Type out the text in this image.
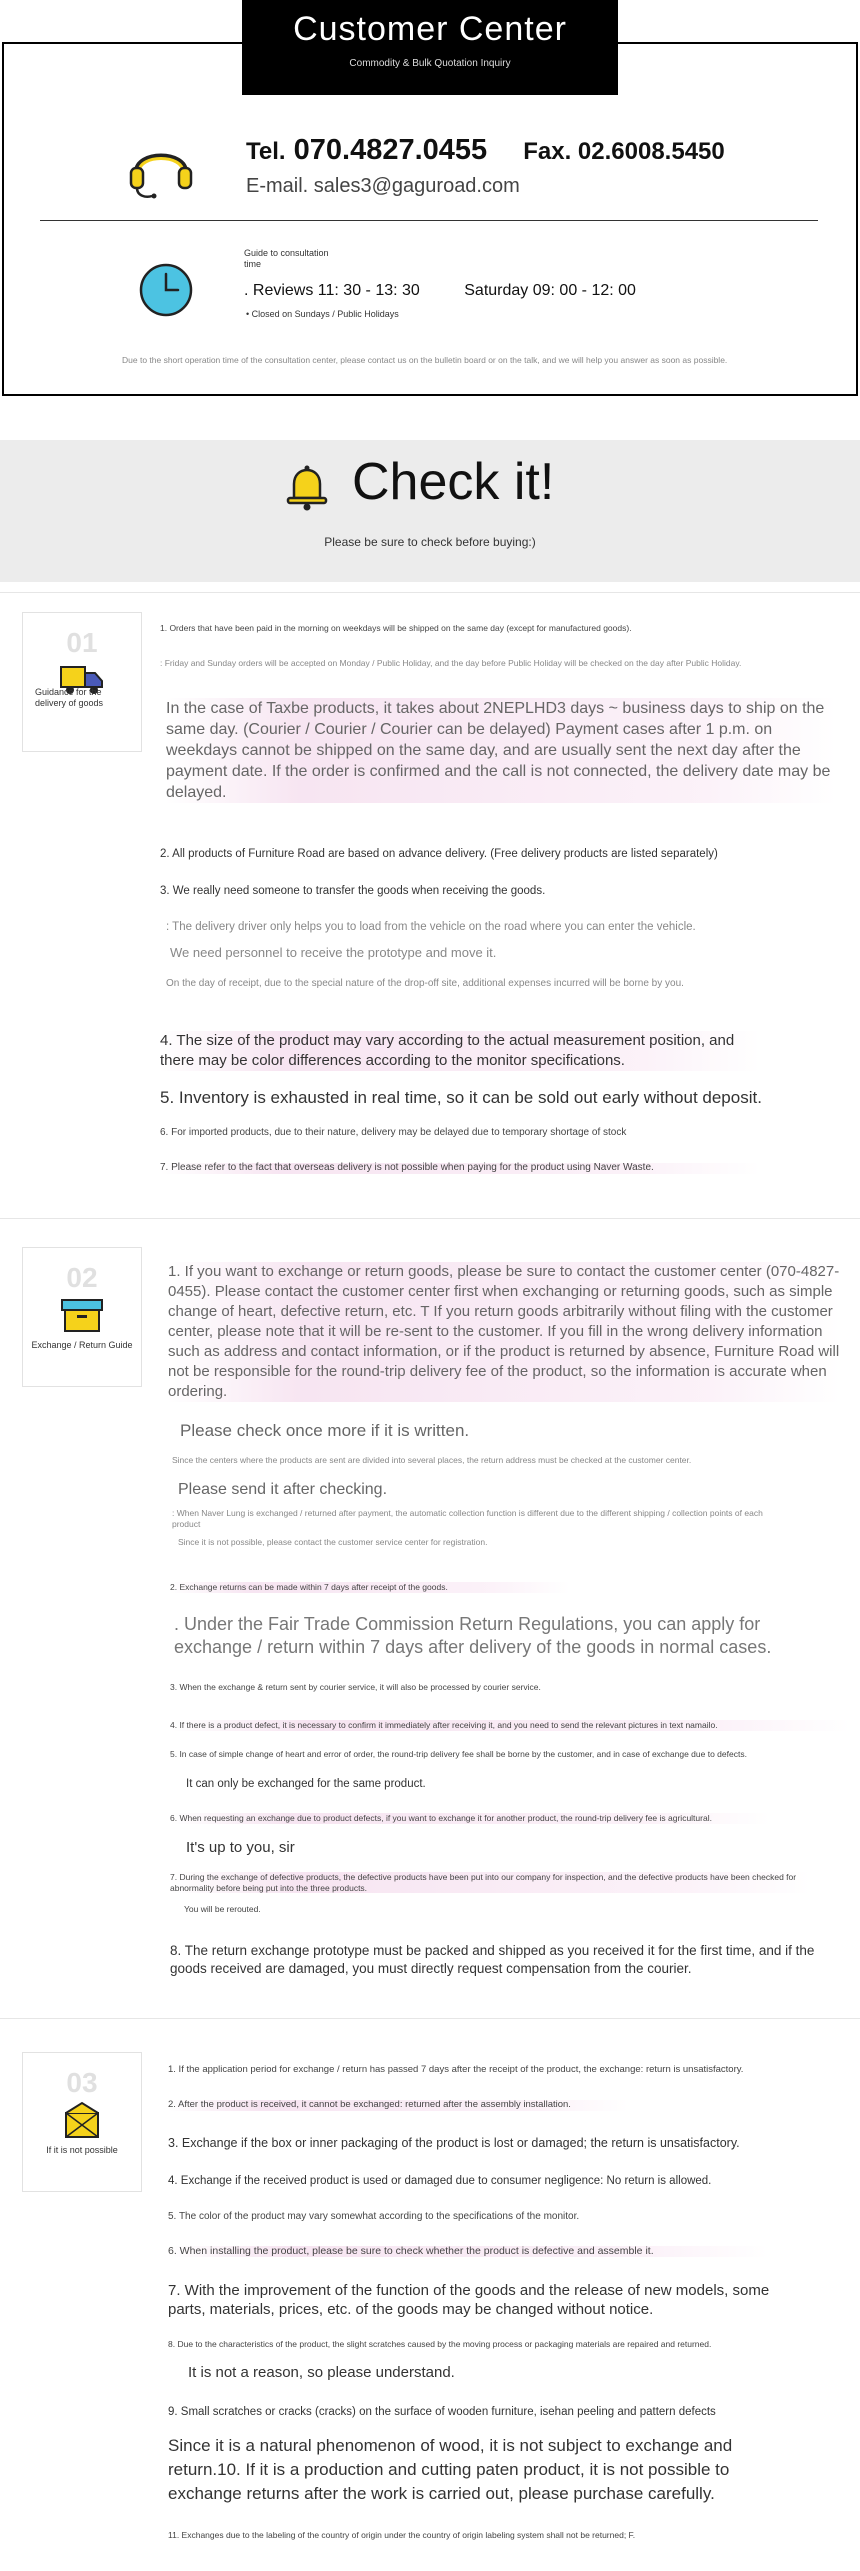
Customer Center
Commodity & Bulk Quotation Inquiry
Tel. 070.4827.0455 Fax. 02.6008.5450
E-mail. sales3@gaguroad.com
Guide to consultation time
. Reviews 11: 30 - 13: 30	Saturday 09: 00 - 12: 00
• Closed on Sundays / Public Holidays
Due to the short operation time of the consultation center, please contact us on the bulletin board or on the talk, and we will help you answer as soon as possible.
Check it!
Please be sure to check before buying:)
01
Guidance for the delivery of goods
1. Orders that have been paid in the morning on weekdays will be shipped on the same day (except for manufactured goods).
: Friday and Sunday orders will be accepted on Monday / Public Holiday, and the day before Public Holiday will be checked on the day after Public Holiday.
In the case of Taxbe products, it takes about 2NEPLHD3 days ~ business days to ship on the same day. (Courier / Courier / Courier can be delayed) Payment cases after 1 p.m. on weekdays cannot be shipped on the same day, and are usually sent the next day after the payment date. If the order is confirmed and the call is not connected, the delivery date may be delayed.
2. All products of Furniture Road are based on advance delivery. (Free delivery products are listed separately)
3. We really need someone to transfer the goods when receiving the goods.
: The delivery driver only helps you to load from the vehicle on the road where you can enter the vehicle.
We need personnel to receive the prototype and move it.
On the day of receipt, due to the special nature of the drop-off site, additional expenses incurred will be borne by you.
4. The size of the product may vary according to the actual measurement position, and there may be color differences according to the monitor specifications.
5. Inventory is exhausted in real time, so it can be sold out early without deposit.
6. For imported products, due to their nature, delivery may be delayed due to temporary shortage of stock
7. Please refer to the fact that overseas delivery is not possible when paying for the product using Naver Waste.
02
Exchange / Return Guide
1. If you want to exchange or return goods, please be sure to contact the customer center (070-4827-0455). Please contact the customer center first when exchanging or returning goods, such as simple change of heart, defective return, etc. T If you return goods arbitrarily without filing with the customer center, please note that it will be re-sent to the customer. If you fill in the wrong delivery information such as address and contact information, or if the product is returned by absence, Furniture Road will not be responsible for the round-trip delivery fee of the product, so the information is accurate when ordering.
Please check once more if it is written.
Since the centers where the products are sent are divided into several places, the return address must be checked at the customer center.
Please send it after checking.
: When Naver Lung is exchanged / returned after payment, the automatic collection function is different due to the different shipping / collection points of each product
Since it is not possible, please contact the customer service center for registration.
2. Exchange returns can be made within 7 days after receipt of the goods.
. Under the Fair Trade Commission Return Regulations, you can apply for exchange / return within 7 days after delivery of the goods in normal cases.
3. When the exchange & return sent by courier service, it will also be processed by courier service.
4. If there is a product defect, it is necessary to confirm it immediately after receiving it, and you need to send the relevant pictures in text namailo.
5. In case of simple change of heart and error of order, the round-trip delivery fee shall be borne by the customer, and in case of exchange due to defects.
It can only be exchanged for the same product.
6. When requesting an exchange due to product defects, if you want to exchange it for another product, the round-trip delivery fee is agricultural.
It's up to you, sir
7. During the exchange of defective products, the defective products have been put into our company for inspection, and the defective products have been checked for abnormality before being put into the three products.
You will be rerouted.
8. The return exchange prototype must be packed and shipped as you received it for the first time, and if the goods received are damaged, you must directly request compensation from the courier.
03
If it is not possible
1. If the application period for exchange / return has passed 7 days after the receipt of the product, the exchange: return is unsatisfactory.
2. After the product is received, it cannot be exchanged: returned after the assembly installation.
3. Exchange if the box or inner packaging of the product is lost or damaged; the return is unsatisfactory.
4. Exchange if the received product is used or damaged due to consumer negligence: No return is allowed.
5. The color of the product may vary somewhat according to the specifications of the monitor.
6. When installing the product, please be sure to check whether the product is defective and assemble it.
7. With the improvement of the function of the goods and the release of new models, some parts, materials, prices, etc. of the goods may be changed without notice.
8. Due to the characteristics of the product, the slight scratches caused by the moving process or packaging materials are repaired and returned.
It is not a reason, so please understand.
9. Small scratches or cracks (cracks) on the surface of wooden furniture, isehan peeling and pattern defects
Since it is a natural phenomenon of wood, it is not subject to exchange and return.10. If it is a production and cutting paten product, it is not possible to exchange returns after the work is carried out, please purchase carefully.
11. Exchanges due to the labeling of the country of origin under the country of origin labeling system shall not be returned; F.
